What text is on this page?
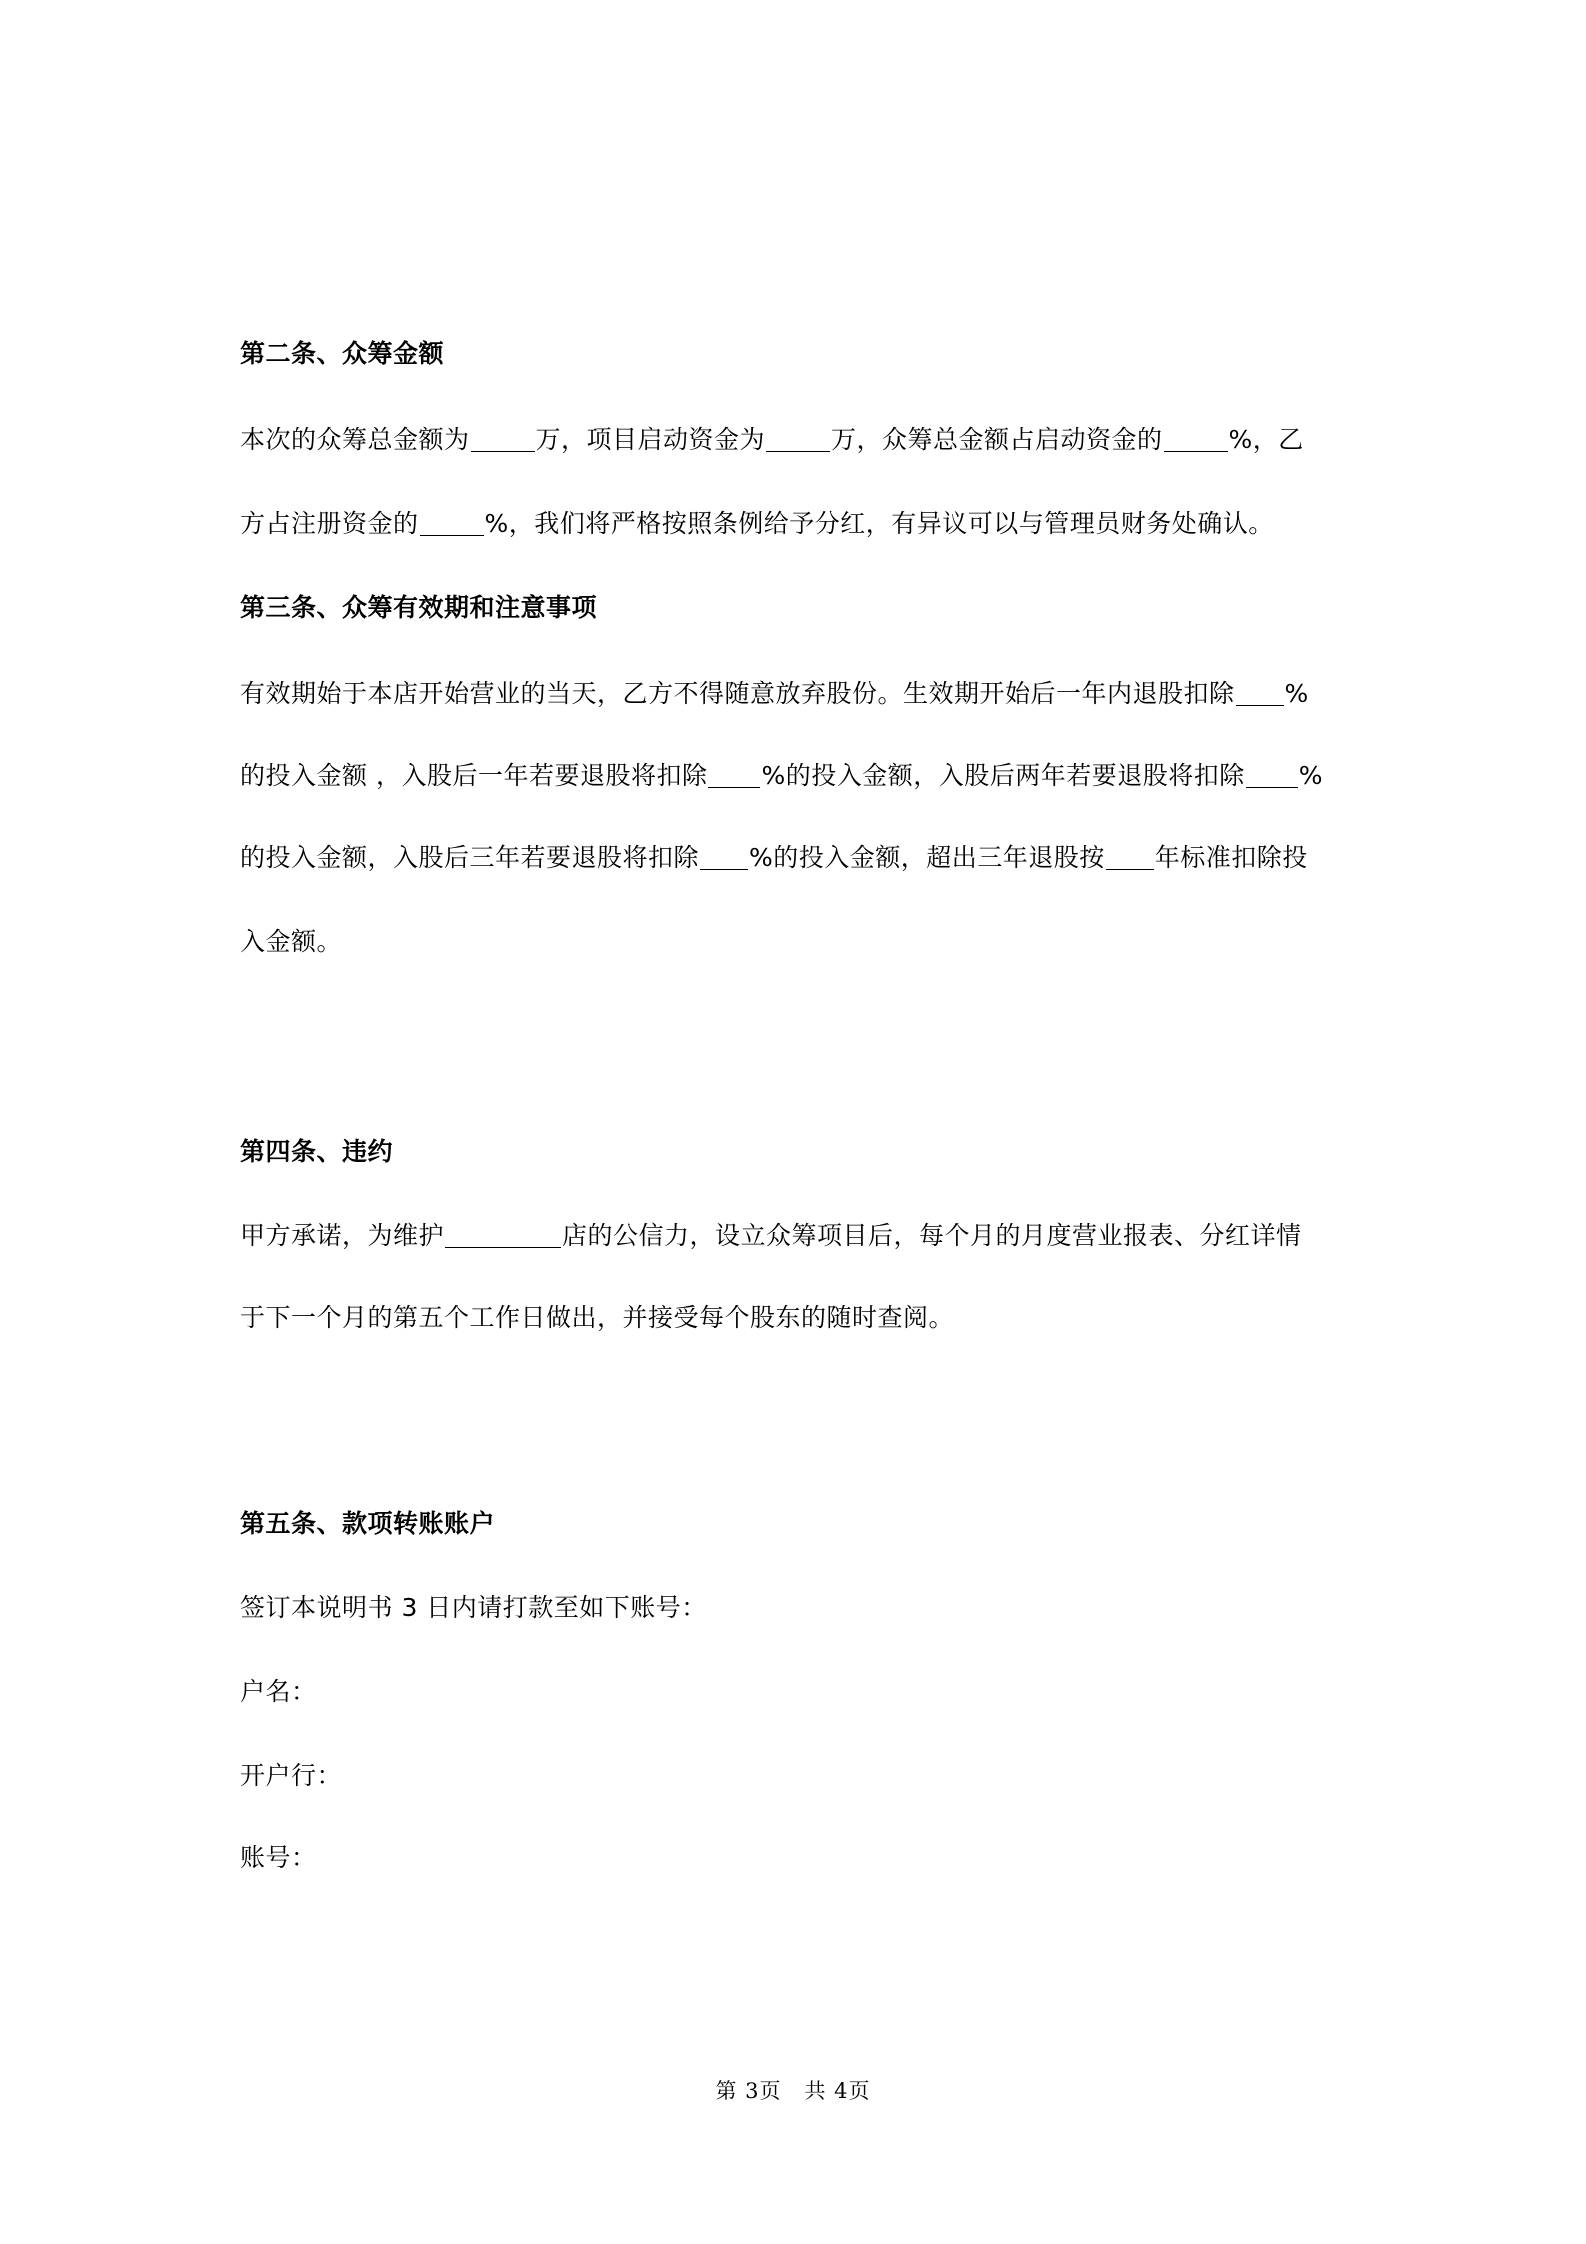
第二条、众筹金额
本次的众筹总金额为	万，项目启动资金为	万，众筹总金额占启动资金的	%，乙
方占注册资金的	%，我们将严格按照条例给予分红，有异议可以与管理员财务处确认。
第三条、众筹有效期和注意事项
有效期始于本店开始营业的当天，乙方不得随意放弃股份。生效期开始后一年内退股扣除 %
的投入金额 ，入股后一年若要退股将扣除 %的投入金额，入股后两年若要退股将扣除 %
的投入金额，入股后三年若要退股将扣除 %的投入金额，超出三年退股按 年标准扣除投
入金额。
第四条、违约
甲方承诺，为维护	店的公信力，设立众筹项目后，每个月的月度营业报表、分红详情
于下一个月的第五个工作日做出，并接受每个股东的随时查阅。
第五条、款项转账账户
签订本说明书 3 日内请打款至如下账号：
户名：
开户行：
账号：
第 3页   共 4页
